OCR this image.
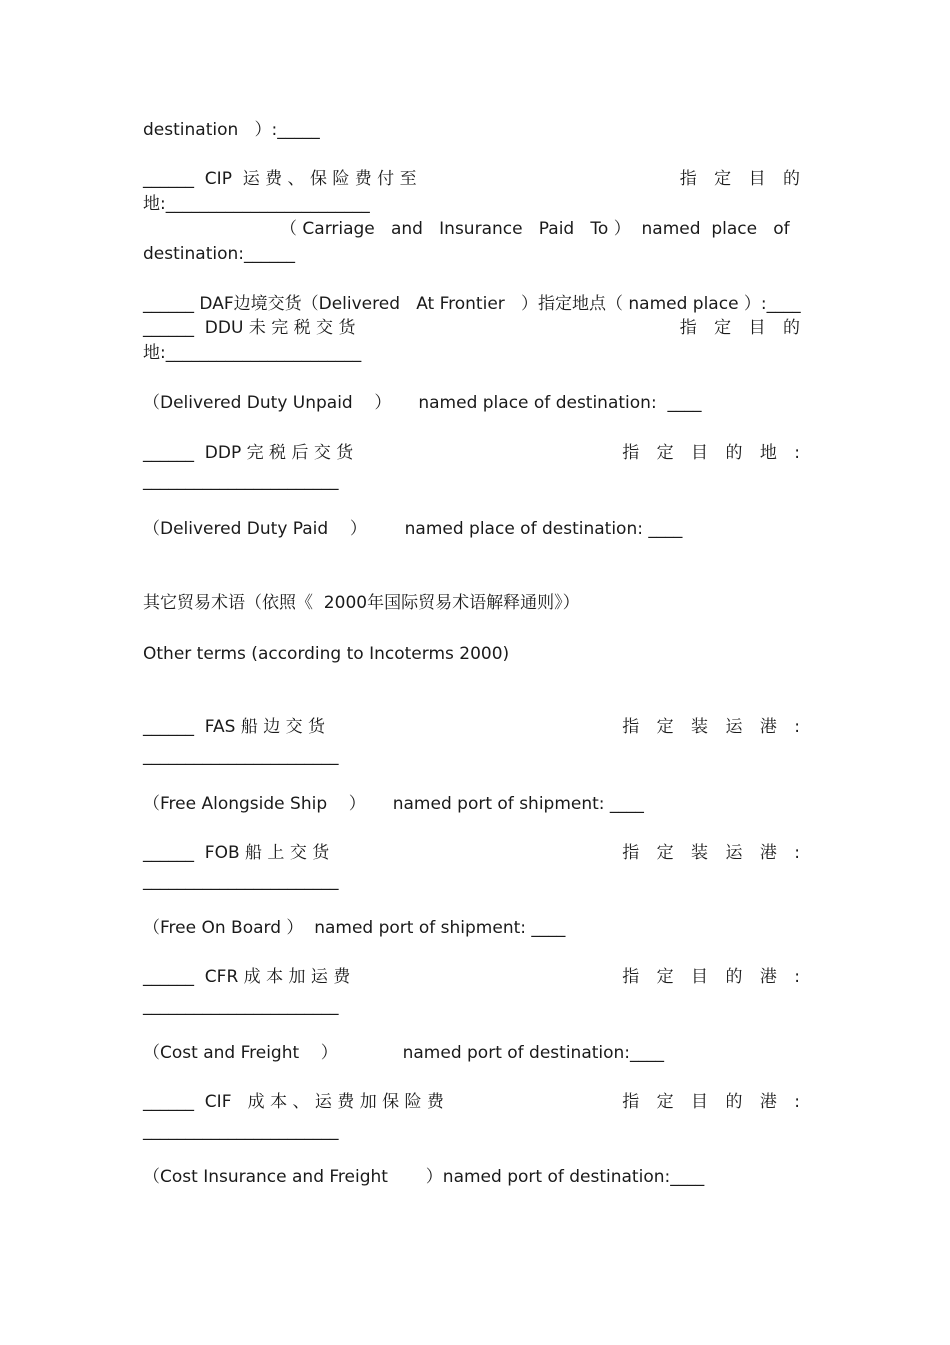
destination   ）:_____
______  CIP  运 费 、 保 险 费 付 至	指 定 目 的
地:________________________
（ Carriage   and   Insurance   Paid   To ）  named  place   of
destination:______
______ DAF边境交货（Delivered   At Frontier   ）指定地点（ named place ）:____
______  DDU 未 完 税 交 货	指 定 目 的
地:_______________________
（Delivered Duty Unpaid    ）     named place of destination:  ____
______  DDP 完 税 后 交 货	指 定 目 的 地 :
_______________________
（Delivered Duty Paid    ）       named place of destination: ____
其它贸易术语（依照《  2000年国际贸易术语解释通则》）
Other terms (according to Incoterms 2000)
______  FAS 船 边 交 货	指 定 装 运 港 :
_______________________
（Free Alongside Ship    ）     named port of shipment: ____
______  FOB 船 上 交 货	指 定 装 运 港 :
_______________________
（Free On Board ）  named port of shipment: ____
______  CFR 成 本 加 运 费	指 定 目 的 港 :
_______________________
（Cost and Freight    ）            named port of destination:____
______  CIF   成 本 、 运 费 加 保 险 费	指 定 目 的 港 :
_______________________
（Cost Insurance and Freight       ）named port of destination:____
